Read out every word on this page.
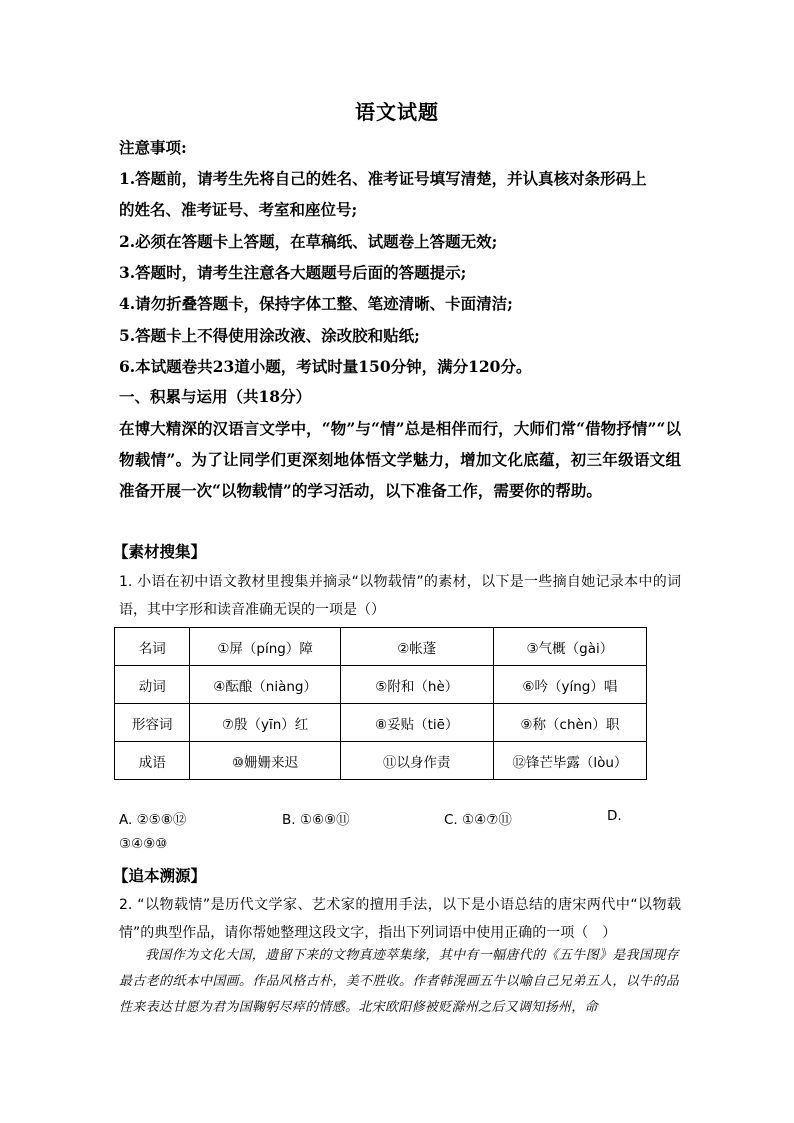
语文试题
注意事项:
1.答题前，请考生先将自己的姓名、准考证号填写清楚，并认真核对条形码上
的姓名、准考证号、考室和座位号;
2.必须在答题卡上答题，在草稿纸、试题卷上答题无效;
3.答题时，请考生注意各大题题号后面的答题提示;
4.请勿折叠答题卡，保持字体工整、笔迹清晰、卡面清洁;
5.答题卡上不得使用涂改液、涂改胶和贴纸;
6.本试题卷共23道小题，考试时量150分钟，满分120分。
一、积累与运用（共18分）
在博大精深的汉语言文学中，“物”与“情”总是相伴而行，大师们常“借物抒情”“以物载情”。为了让同学们更深刻地体悟文学魅力，增加文化底蕴，初三年级语文组准备开展一次“以物载情”的学习活动，以下准备工作，需要你的帮助。
【素材搜集】
1. 小语在初中语文教材里搜集并摘录“以物载情”的素材，以下是一些摘自她记录本中的词语，其中字形和读音准确无误的一项是（）
名词	①屏（píng）障	②帐蓬	③气概（gài）
动词	④酝酿（niàng）	⑤附和（hè）	⑥吟（yíng）唱
形容词	⑦殷（yīn）红	⑧妥贴（tiē）	⑨称（chèn）职
成语	⑩姗姗来迟	⑪以身作责	⑫锋芒毕露（lòu）
A. ②⑤⑧⑫	B. ①⑥⑨⑪	C. ①④⑦⑪	D.
③④⑨⑩
【追本溯源】
2. “以物载情”是历代文学家、艺术家的擅用手法，以下是小语总结的唐宋两代中“以物载情”的典型作品，请你帮她整理这段文字，指出下列词语中使用正确的一项（　）
我国作为文化大国，遗留下来的文物真迹萃集缘，其中有一幅唐代的《五牛图》是我国现存最古老的纸本中国画。作品风格古朴，美不胜收。作者韩滉画五牛以喻自己兄弟五人，以牛的品性来表达甘愿为君为国鞠躬尽瘁的情感。北宋欧阳修被贬滁州之后又调知扬州，命
